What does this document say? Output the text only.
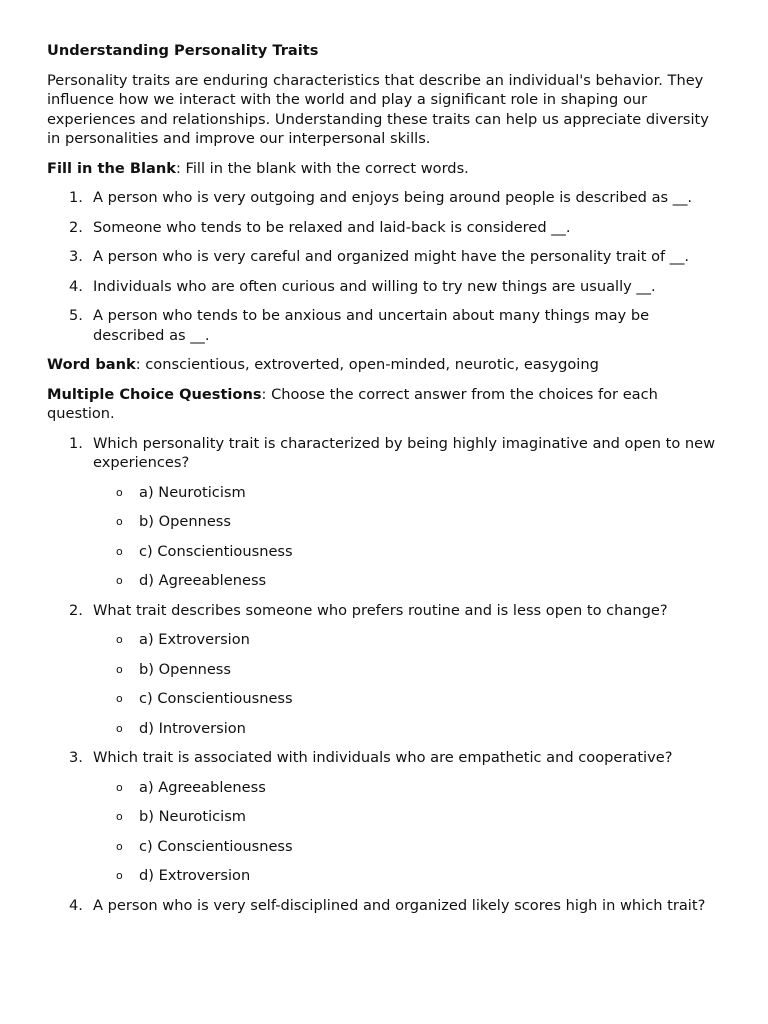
Understanding Personality Traits

Personality traits are enduring characteristics that describe an individual's behavior. They influence how we interact with the world and play a significant role in shaping our experiences and relationships. Understanding these traits can help us appreciate diversity in personalities and improve our interpersonal skills.

Fill in the Blank: Fill in the blank with the correct words.

1. A person who is very outgoing and enjoys being around people is described as __.
2. Someone who tends to be relaxed and laid-back is considered __.
3. A person who is very careful and organized might have the personality trait of __.
4. Individuals who are often curious and willing to try new things are usually __.
5. A person who tends to be anxious and uncertain about many things may be described as __.

Word bank: conscientious, extroverted, open-minded, neurotic, easygoing

Multiple Choice Questions: Choose the correct answer from the choices for each question.

1. Which personality trait is characterized by being highly imaginative and open to new experiences?
o a) Neuroticism
o b) Openness
o c) Conscientiousness
o d) Agreeableness
2. What trait describes someone who prefers routine and is less open to change?
o a) Extroversion
o b) Openness
o c) Conscientiousness
o d) Introversion
3. Which trait is associated with individuals who are empathetic and cooperative?
o a) Agreeableness
o b) Neuroticism
o c) Conscientiousness
o d) Extroversion
4. A person who is very self-disciplined and organized likely scores high in which trait?
